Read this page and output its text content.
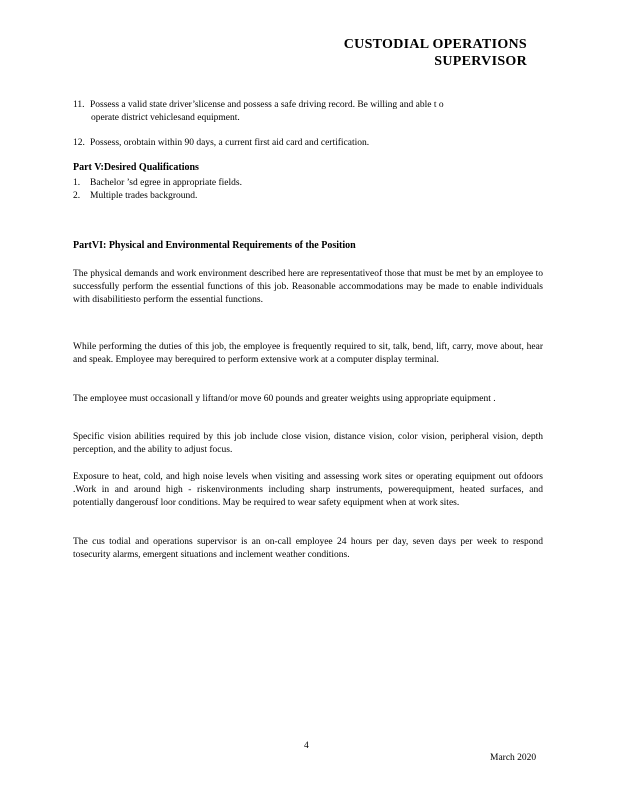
CUSTODIAL OPERATIONS
SUPERVISOR
11. Possess a valid state driver’slicense and possess a safe driving record. Be willing and able t o
operate district vehiclesand equipment.
12. Possess, orobtain within 90 days, a current first aid card and certification.
Part V:Desired Qualifications
1. Bachelor ’sd egree in appropriate fields.
2. Multiple trades background.
PartVI: Physical and Environmental Requirements of the Position
The physical demands and work environment described here are representativeof those that must be met by an employee to successfully perform the essential functions of this job. Reasonable accommodations may be made to enable individuals with disabilitiesto perform the essential functions.
While performing the duties of this job, the employee is frequently required to sit, talk, bend, lift, carry, move about, hear and speak. Employee may berequired to perform extensive work at a computer display terminal.
The employee must occasionall y liftand/or move 60 pounds and greater weights using appropriate equipment .
Specific vision abilities required by this job include close vision, distance vision, color vision, peripheral vision, depth perception, and the ability to adjust focus.
Exposure to heat, cold, and high noise levels when visiting and assessing work sites or operating equipment out ofdoors .Work in and around high - riskenvironments including sharp instruments, powerequipment, heated surfaces, and potentially dangerousf loor conditions. May be required to wear safety equipment when at work sites.
The cus todial and operations supervisor is an on-call employee 24 hours per day, seven days per week to respond tosecurity alarms, emergent situations and inclement weather conditions.
4
March 2020
